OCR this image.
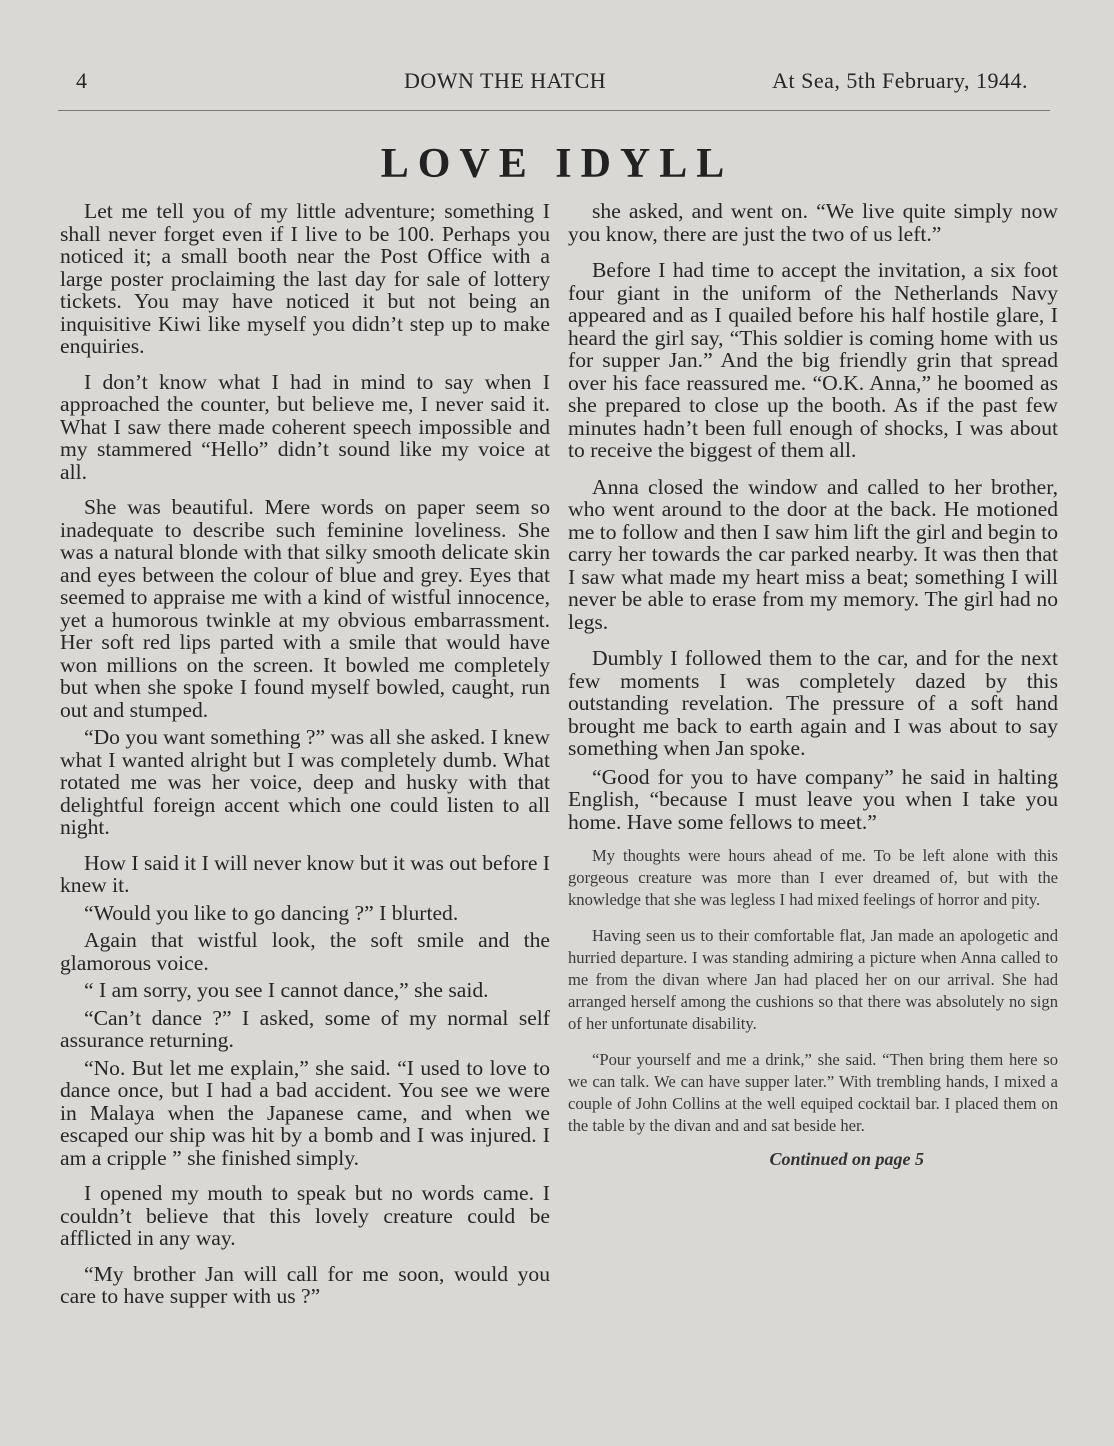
4	DOWN THE HATCH	At Sea, 5th February, 1944.
LOVE IDYLL

Let me tell you of my little adventure; something I shall never forget even if I live to be 100. Perhaps you noticed it; a small booth near the Post Office with a large poster proclaiming the last day for sale of lottery tickets. You may have noticed it but not being an inquisitive Kiwi like myself you didn’t step up to make enquiries.

I don’t know what I had in mind to say when I approached the counter, but believe me, I never said it. What I saw there made coherent speech impossible and my stammered “Hello” didn’t sound like my voice at all.

She was beautiful. Mere words on paper seem so inadequate to describe such feminine loveliness. She was a natural blonde with that silky smooth delicate skin and eyes between the colour of blue and grey. Eyes that seemed to appraise me with a kind of wistful innocence, yet a humorous twinkle at my obvious embarrassment. Her soft red lips parted with a smile that would have won millions on the screen. It bowled me completely but when she spoke I found myself bowled, caught, run out and stumped.

“Do you want something ?” was all she asked. I knew what I wanted alright but I was completely dumb. What rotated me was her voice, deep and husky with that delightful foreign accent which one could listen to all night.

How I said it I will never know but it was out before I knew it.

“Would you like to go dancing ?” I blurted.

Again that wistful look, the soft smile and the glamorous voice.

“ I am sorry, you see I cannot dance,” she said.

“Can’t dance ?” I asked, some of my normal self assurance returning.

“No. But let me explain,” she said. “I used to love to dance once, but I had a bad accident. You see we were in Malaya when the Japanese came, and when we escaped our ship was hit by a bomb and I was injured. I am a cripple ” she finished simply.

I opened my mouth to speak but no words came. I couldn’t believe that this lovely creature could be afflicted in any way.

“My brother Jan will call for me soon, would you care to have supper with us ?”

she asked, and went on. “We live quite simply now you know, there are just the two of us left.”

Before I had time to accept the invitation, a six foot four giant in the uniform of the Netherlands Navy appeared and as I quailed before his half hostile glare, I heard the girl say, “This soldier is coming home with us for supper Jan.” And the big friendly grin that spread over his face reassured me. “O.K. Anna,” he boomed as she prepared to close up the booth. As if the past few minutes hadn’t been full enough of shocks, I was about to receive the biggest of them all.

Anna closed the window and called to her brother, who went around to the door at the back. He motioned me to follow and then I saw him lift the girl and begin to carry her towards the car parked nearby. It was then that I saw what made my heart miss a beat; something I will never be able to erase from my memory. The girl had no legs.

Dumbly I followed them to the car, and for the next few moments I was completely dazed by this outstanding revelation. The pressure of a soft hand brought me back to earth again and I was about to say something when Jan spoke.

“Good for you to have company” he said in halting English, “because I must leave you when I take you home. Have some fellows to meet.”

My thoughts were hours ahead of me. To be left alone with this gorgeous creature was more than I ever dreamed of, but with the knowledge that she was legless I had mixed feelings of horror and pity.

Having seen us to their comfortable flat, Jan made an apologetic and hurried departure. I was standing admiring a picture when Anna called to me from the divan where Jan had placed her on our arrival. She had arranged herself among the cushions so that there was absolutely no sign of her unfortunate disability.

“Pour yourself and me a drink,” she said. “Then bring them here so we can talk. We can have supper later.” With trembling hands, I mixed a couple of John Collins at the well equiped cocktail bar. I placed them on the table by the divan and and sat beside her.

Continued on page 5
